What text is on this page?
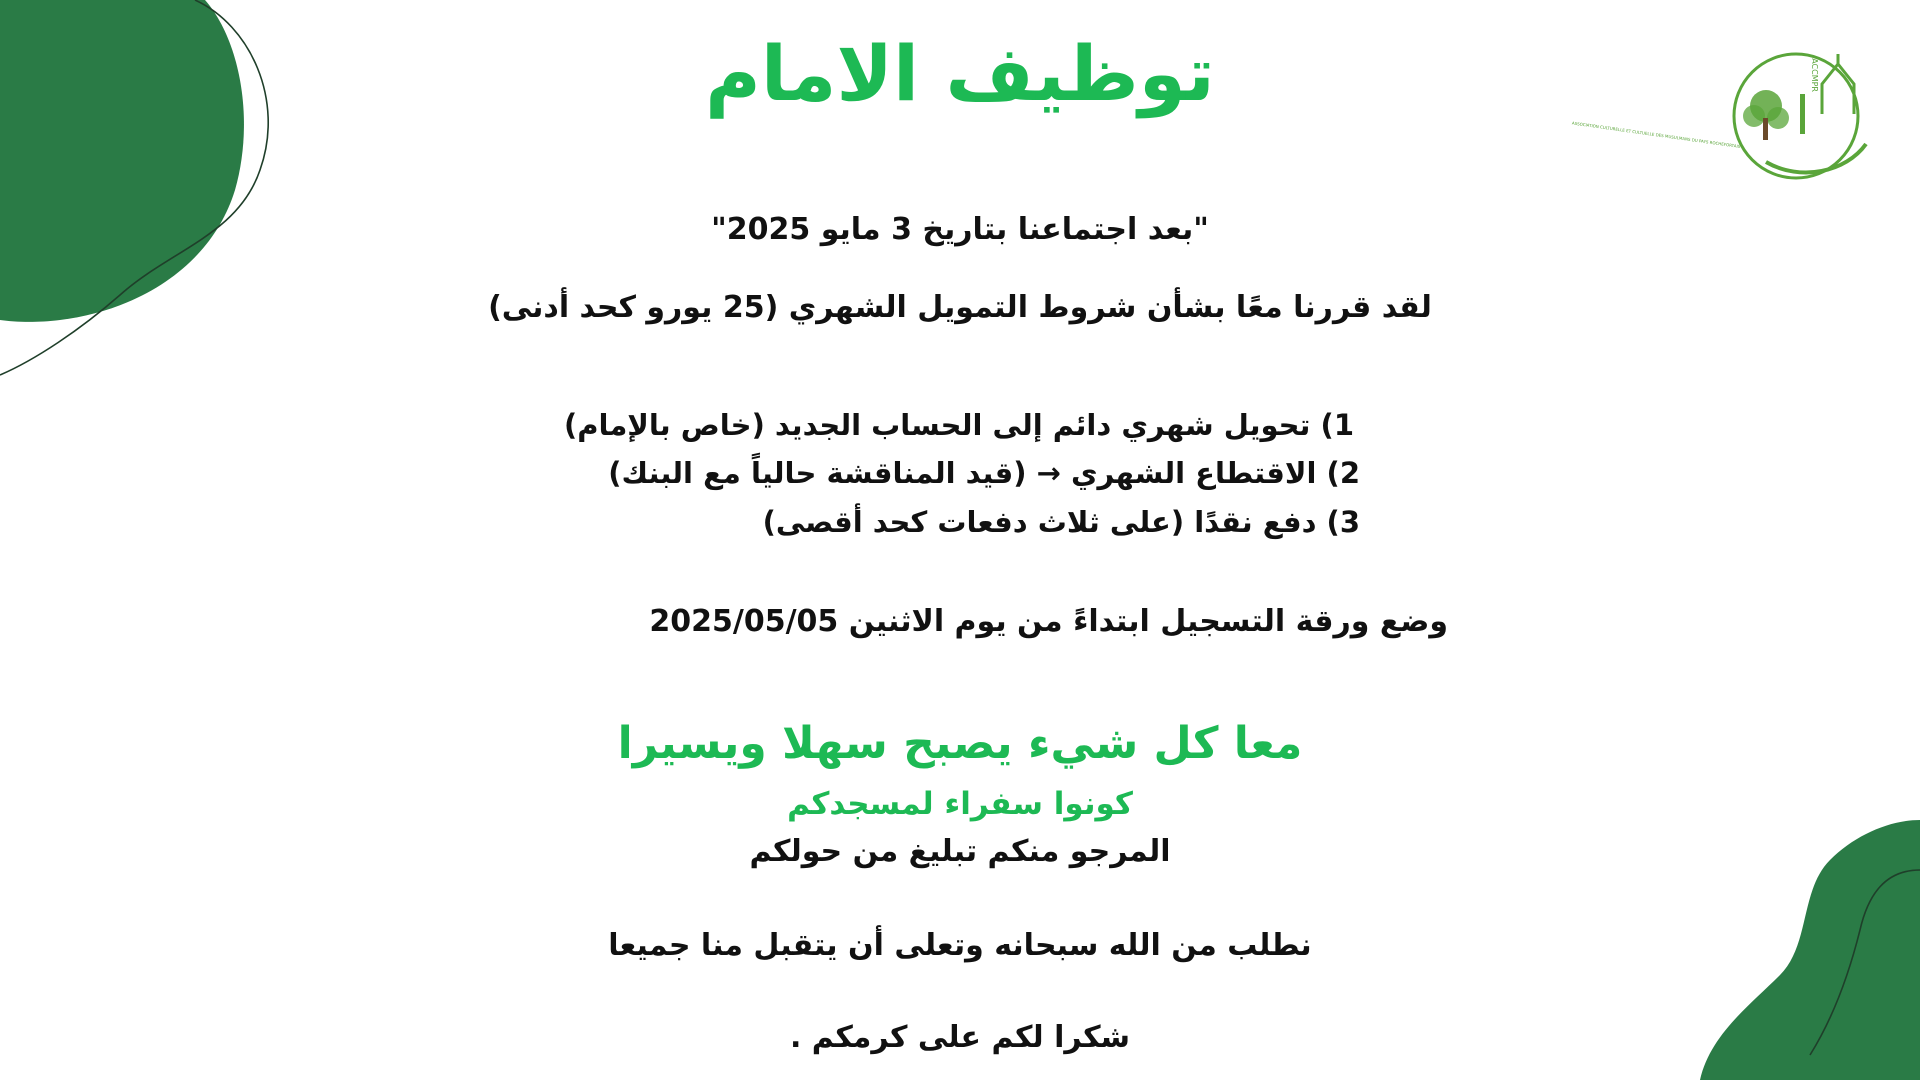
ACCMPR
ASSOCIATION CULTURELLE ET CULTUELLE DES MUSULMANS DU PAYS ROCHEFORTAIS
توظيف الامام

"بعد اجتماعنا بتاريخ 3 مايو 2025"

لقد قررنا معًا بشأن شروط التمويل الشهري (25 يورو كحد أدنى)

1) تحويل شهري دائم إلى الحساب الجديد (خاص بالإمام)

2) الاقتطاع الشهري → (قيد المناقشة حالياً مع البنك)

3) دفع نقدًا (على ثلاث دفعات كحد أقصى)

وضع ورقة التسجيل ابتداءً من يوم الاثنين 2025/05/05

معا كل شيء يصبح سهلا ويسيرا

كونوا سفراء لمسجدكم

المرجو منكم تبليغ من حولكم

نطلب من الله سبحانه وتعلى أن يتقبل منا جميعا

شكرا لكم على كرمكم .
